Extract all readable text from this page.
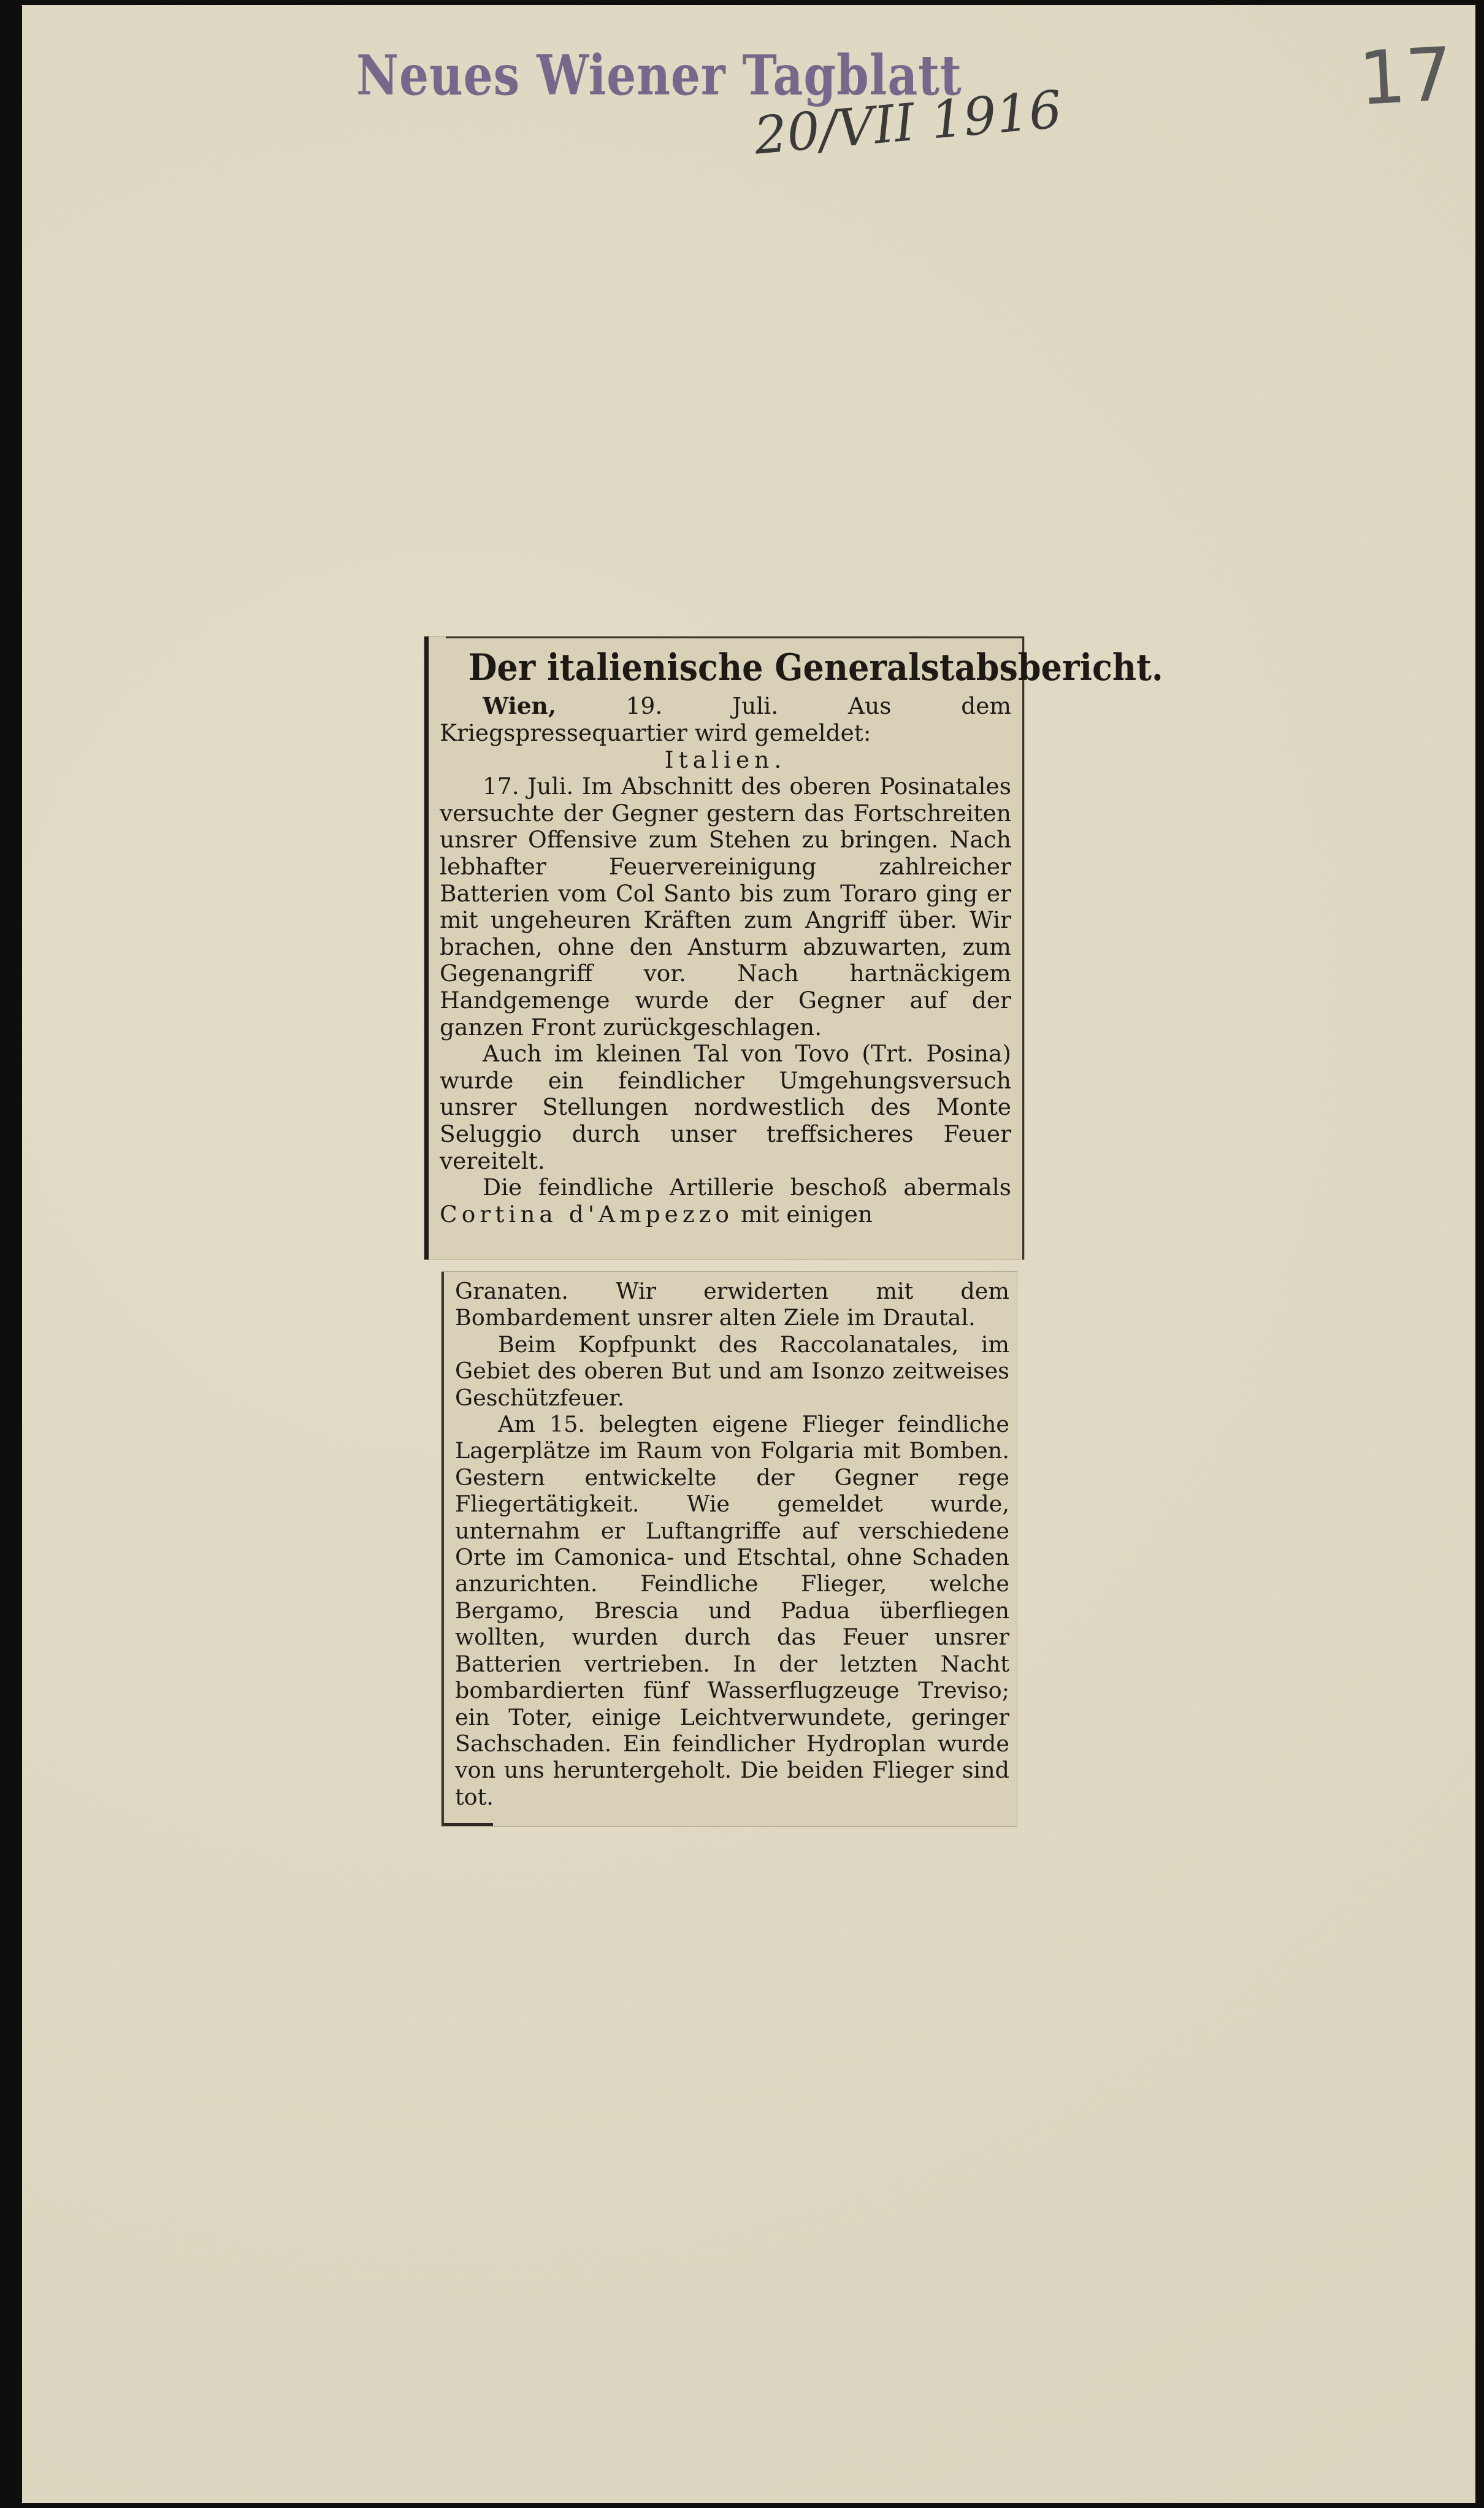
Neues Wiener Tagblatt

20/VII 1916
17
Der italienische Generalstabsbericht.

Wien,	19. Juli.	Aus dem Kriegspressequartier wird gemeldet:

Italien.

17. Juli. Im Abschnitt des oberen Posinatales versuchte der Gegner gestern das Fortschreiten unsrer Offensive zum Stehen zu bringen. Nach lebhafter Feuervereinigung zahlreicher Batterien vom Col Santo bis zum Toraro ging er mit ungeheuren Kräften zum Angriff über. Wir brachen, ohne den Ansturm abzuwarten, zum Gegenangriff vor. Nach hartnäckigem Handgemenge wurde der Gegner auf der ganzen Front zurückgeschlagen.

Auch im kleinen Tal von Tovo (Trt. Posina) wurde ein feindlicher Umgehungsversuch unsrer Stellungen nordwestlich des Monte Seluggio durch unser treffsicheres Feuer vereitelt.

Die feindliche Artillerie beschoß abermals Cortina d'Ampezzo mit einigen

Granaten. Wir erwiderten mit dem Bombardement unsrer alten Ziele im Drautal.

Beim Kopfpunkt des Raccolanatales, im Gebiet des oberen But und am Isonzo zeitweises Geschützfeuer.

Am 15. belegten eigene Flieger feindliche Lagerplätze im Raum von Folgaria mit Bomben. Gestern entwickelte der Gegner rege Fliegertätigkeit. Wie gemeldet wurde, unternahm er Luftangriffe auf verschiedene Orte im Camonica- und Etschtal, ohne Schaden anzurichten. Feindliche Flieger, welche Bergamo, Brescia und Padua überfliegen wollten, wurden durch das Feuer unsrer Batterien vertrieben. In der letzten Nacht bombardierten fünf Wasserflugzeuge Treviso; ein Toter, einige Leichtverwundete, geringer Sachschaden. Ein feindlicher Hydroplan wurde von uns heruntergeholt. Die beiden Flieger sind tot.
